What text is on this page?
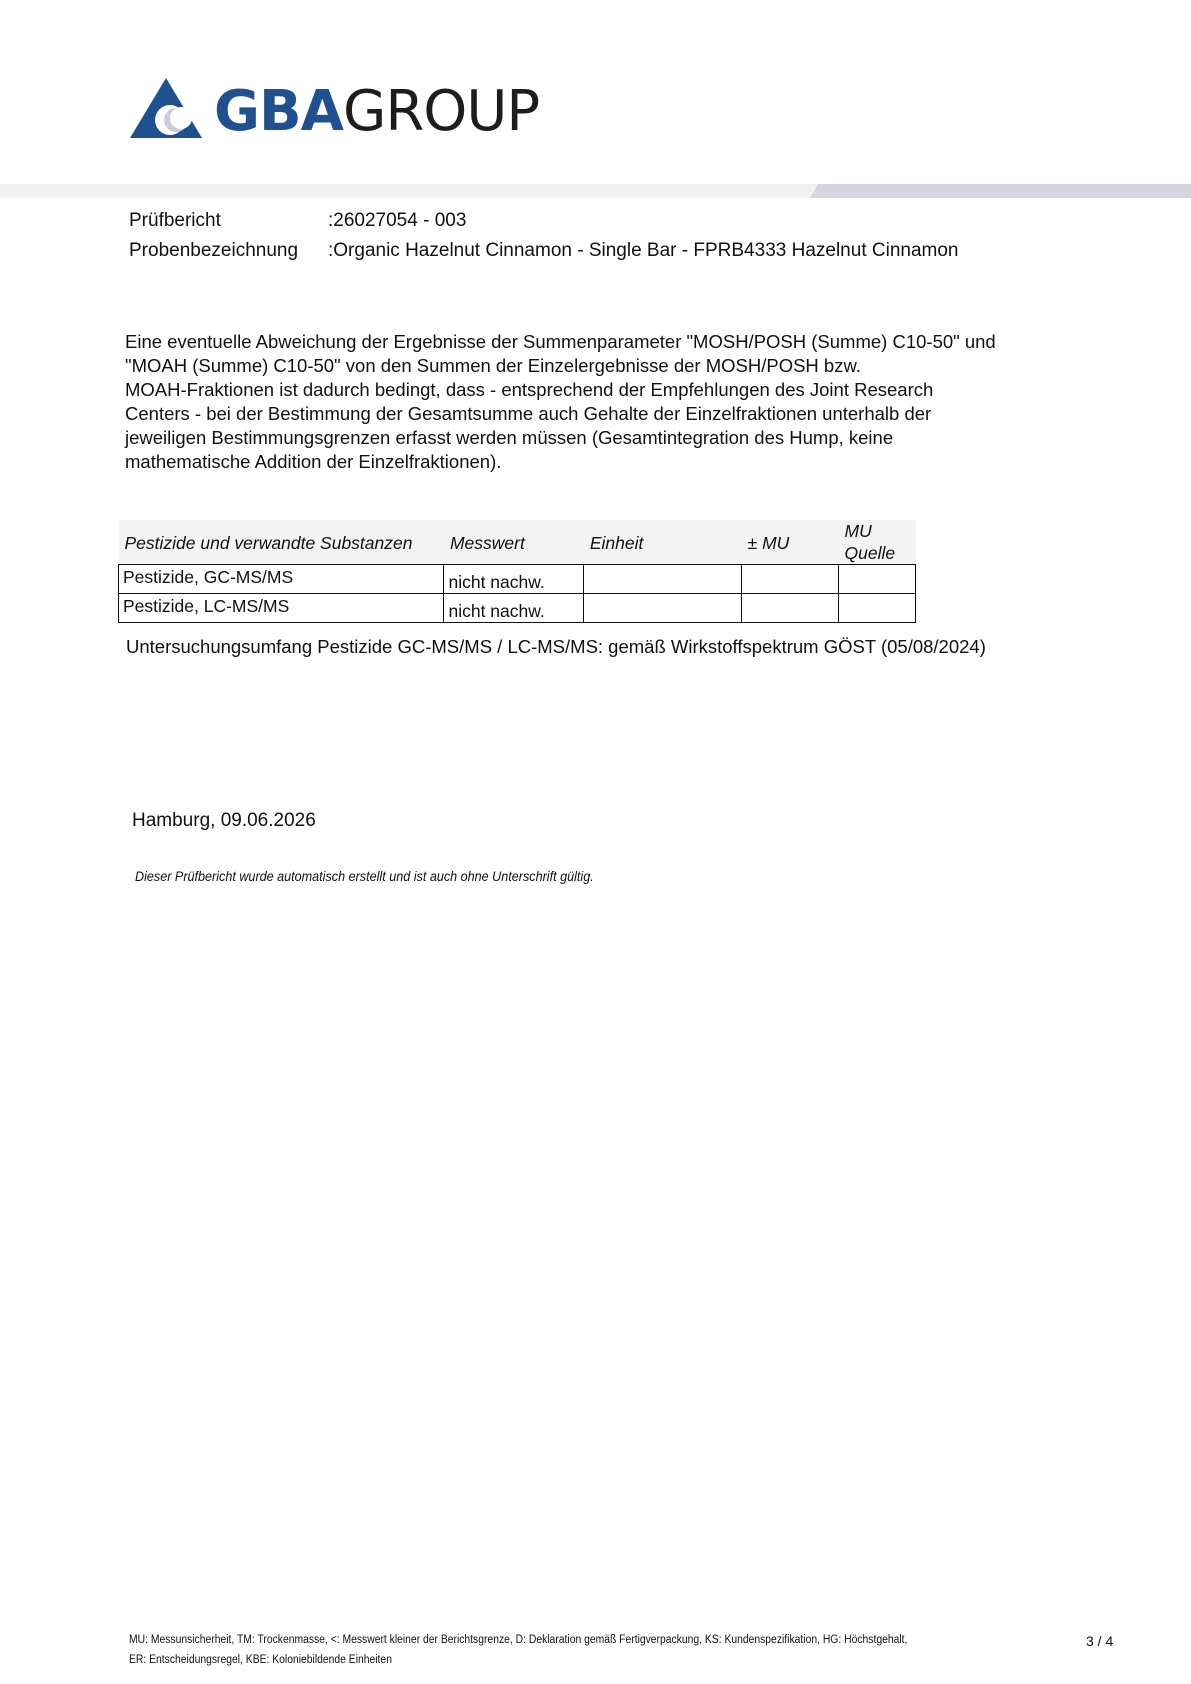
GBAGROUP
Prüfbericht	:26027054 - 003
Probenbezeichnung :Organic Hazelnut Cinnamon - Single Bar - FPRB4333 Hazelnut Cinnamon
Eine eventuelle Abweichung der Ergebnisse der Summenparameter "MOSH/POSH (Summe) C10-50" und
"MOAH (Summe) C10-50" von den Summen der Einzelergebnisse der MOSH/POSH bzw.
MOAH-Fraktionen ist dadurch bedingt, dass - entsprechend der Empfehlungen des Joint Research
Centers - bei der Bestimmung der Gesamtsumme auch Gehalte der Einzelfraktionen unterhalb der
jeweiligen Bestimmungsgrenzen erfasst werden müssen (Gesamtintegration des Hump, keine
mathematische Addition der Einzelfraktionen).
Pestizide und verwandte Substanzen	Messwert	Einheit	± MU	MU
Quelle

Pestizide, GC-MS/MS	nicht nachw.			
Pestizide, LC-MS/MS	nicht nachw.			
Untersuchungsumfang Pestizide GC-MS/MS / LC-MS/MS: gemäß Wirkstoffspektrum GÖST (05/08/2024)
Hamburg, 09.06.2026
Dieser Prüfbericht wurde automatisch erstellt und ist auch ohne Unterschrift gültig.
MU: Messunsicherheit, TM: Trockenmasse, <: Messwert kleiner der Berichtsgrenze, D: Deklaration gemäß Fertigverpackung, KS: Kundenspezifikation, HG: Höchstgehalt,
ER: Entscheidungsregel, KBE: Koloniebildende Einheiten
3 / 4
